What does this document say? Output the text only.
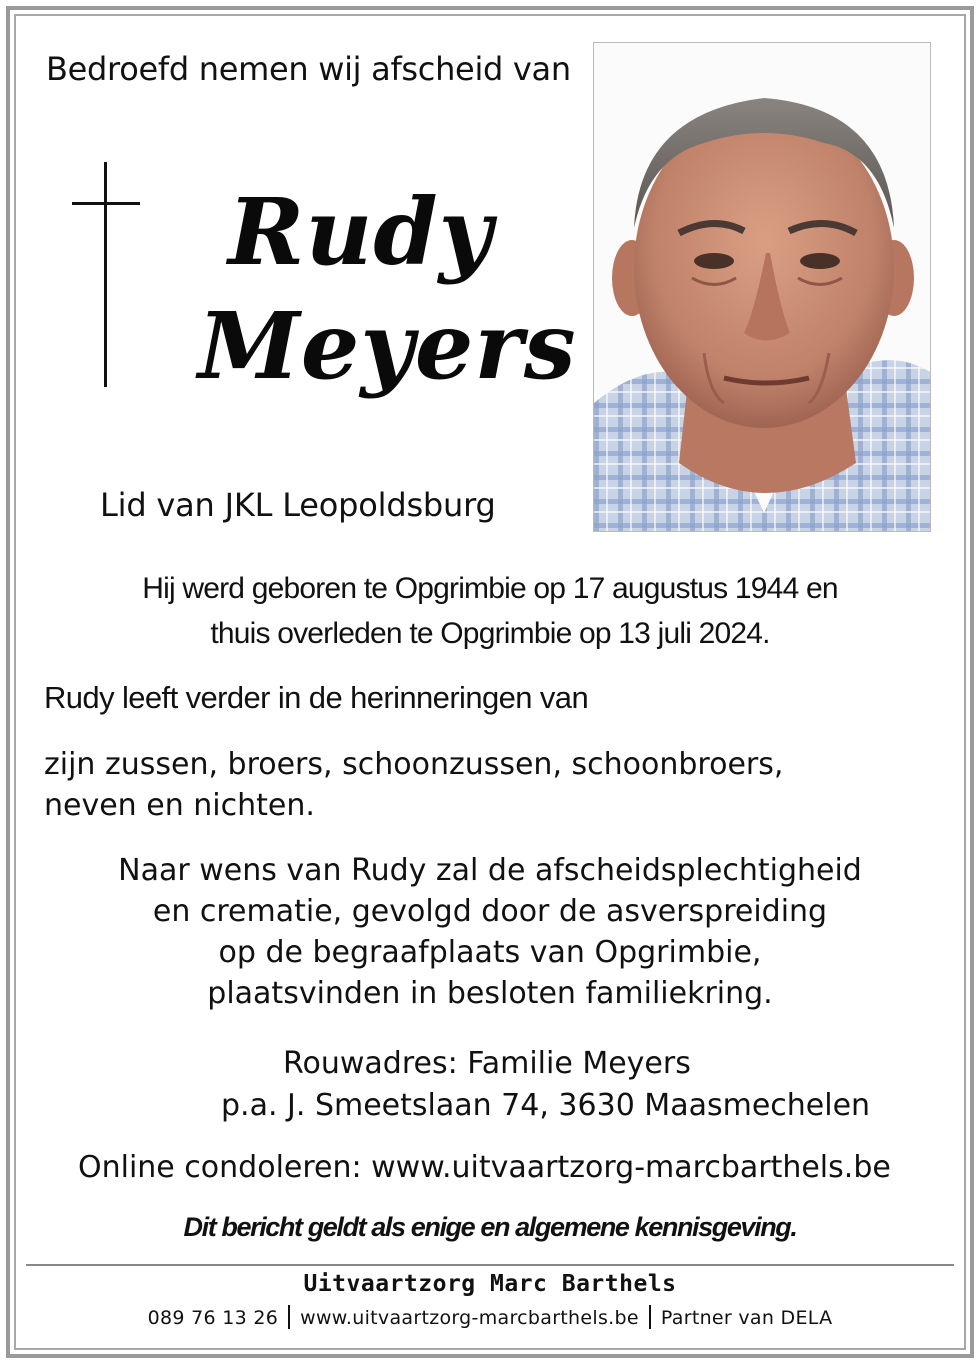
Bedroefd nemen wij afscheid van

Rudy
Meyers

Lid van JKL Leopoldsburg

Hij werd geboren te Opgrimbie op 17 augustus 1944 en
thuis overleden te Opgrimbie op 13 juli 2024.

Rudy leeft verder in de herinneringen van

zijn zussen, broers, schoonzussen, schoonbroers,
neven en nichten.
Naar wens van Rudy zal de afscheidsplechtigheid
en crematie, gevolgd door de asverspreiding
op de begraafplaats van Opgrimbie,
plaatsvinden in besloten familiekring.

Rouwadres: Familie Meyers

p.a. J. Smeetslaan 74, 3630 Maasmechelen

Online condoleren: www.uitvaartzorg-marcbarthels.be

Dit bericht geldt als enige en algemene kennisgeving.

Uitvaartzorg Marc Barthels

089 76 13 26 www.uitvaartzorg-marcbarthels.be Partner van DELA
